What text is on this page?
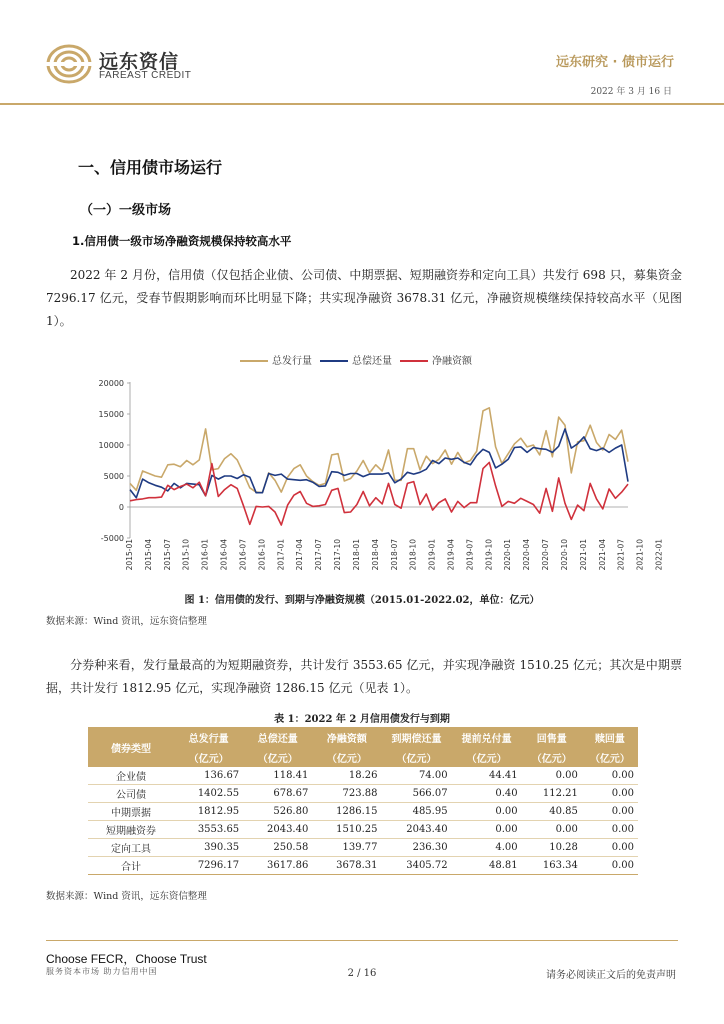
远东资信
FAREAST CREDIT
远东研究 · 债市运行
2022 年 3 月 16 日
一、信用债市场运行
（一）一级市场
1.信用债一级市场净融资规模保持较高水平
  2022 年 2 月份，信用债（仅包括企业债、公司债、中期票据、短期融资券和定向工具）共发行 698 只，募集资金 7296.17 亿元，受春节假期影响而环比明显下降；共实现净融资 3678.31 亿元，净融资规模继续保持较高水平（见图 1）。
总发行量	总偿还量	净融资额
20000
15000
10000
5000
0
-5000
2015-01 2015-04 2015-07 2015-10 2016-01 2016-04 2016-07 2016-10 2017-01 2017-04 2017-07 2017-10 2018-01 2018-04 2018-07 2018-10 2019-01 2019-04 2019-07 2019-10 2020-01 2020-04 2020-07 2020-10 2021-01 2021-04 2021-07 2021-10 2022-01
图 1：信用债的发行、到期与净融资规模（2015.01-2022.02，单位：亿元）
数据来源：Wind 资讯，远东资信整理
  分券种来看，发行量最高的为短期融资券，共计发行 3553.65 亿元，并实现净融资 1510.25 亿元；其次是中期票据，共计发行 1812.95 亿元，实现净融资 1286.15 亿元（见表 1）。
表 1：2022 年 2 月信用债发行与到期
债券类型	总发行量	总偿还量	净融资额	到期偿还量	提前兑付量	回售量	赎回量
	（亿元）	（亿元）	（亿元）	（亿元）	（亿元）	（亿元）	（亿元）
企业债	136.67	118.41	18.26	74.00	44.41	0.00	0.00
公司债	1402.55	678.67	723.88	566.07	0.40	112.21	0.00
中期票据	1812.95	526.80	1286.15	485.95	0.00	40.85	0.00
短期融资券	3553.65	2043.40	1510.25	2043.40	0.00	0.00	0.00
定向工具	390.35	250.58	139.77	236.30	4.00	10.28	0.00
合计	7296.17	3617.86	3678.31	3405.72	48.81	163.34	0.00
数据来源：Wind 资讯，远东资信整理
Choose FECR，Choose Trust
服务资本市场 助力信用中国	2 / 16	请务必阅读正文后的免责声明
